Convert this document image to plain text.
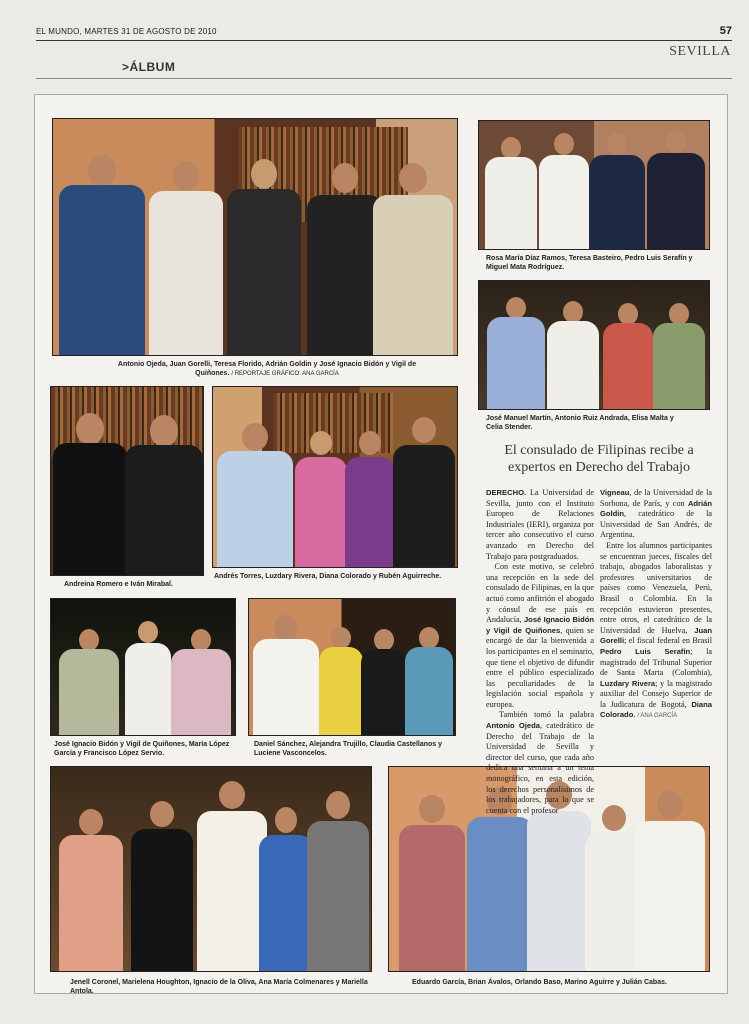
EL MUNDO, MARTES 31 DE AGOSTO DE 2010	57
SEVILLA
>ÁLBUM
Antonio Ojeda, Juan Gorelli, Teresa Florido, Adrián Goldin y José Ignacio Bidón y Vigil de Quiñones. / REPORTAJE GRÁFICO: ANA GARCÍA
Rosa María Díaz Ramos, Teresa Basteiro, Pedro Luis Serafín y Miguel Mata Rodríguez.
José Manuel Martín, Antonio Ruiz Andrada, Elisa Malta y Celia Stender.
Andreina Romero e Iván Mirabal.
Andrés Torres, Luzdary Rivera, Diana Colorado y Rubén Aguirreche.
José Ignacio Bidón y Vigil de Quiñones, María López García y Francisco López Servio.
Daniel Sánchez, Alejandra Trujillo, Claudia Castellanos y Luciene Vasconcelos.
Jenell Coronel, Marielena Houghton, Ignacio de la Oliva, Ana María Colmenares y Mariella Antola.
Eduardo García, Brian Ávalos, Orlando Baso, Marino Aguirre y Julián Cabas.
El consulado de Filipinas recibe a expertos en Derecho del Trabajo

DERECHO. La Universidad de Sevilla, junto con el Instituto Europeo de Relaciones Industriales (IERI), organiza por tercer año consecutivo el curso avanzado en Derecho del Trabajo para postgraduados.

Con este motivo, se celebró una recepción en la sede del consulado de Filipinas, en la que actuó como anfitrión el abogado y cónsul de ese país en Andalucía, José Ignacio Bidón y Vigil de Quiñones, quien se encargó de dar la bienvenida a los participantes en el seminario, que tiene el objetivo de difundir entre el público especializado las peculiaridades de la legislación social española y europea.

También tomó la palabra Antonio Ojeda, catedrático de Derecho del Trabajo de la Universidad de Sevilla y director del curso, que cada año dedica una semana a un tema monográfico, en esta edición, los derechos personalísimos de los trabajadores, para lo que se cuenta con el profesor

Vigneau, de la Universidad de la Sorbona, de París, y con Adrián Goldin, catedrático de la Universidad de San Andrés, de Argentina.

Entre los alumnos participantes se encuentran jueces, fiscales del trabajo, abogados laboralistas y profesores universitarios de países como Venezuela, Perú, Brasil o Colombia. En la recepción estuvieron presentes, entre otros, el catedrático de la Universidad de Huelva, Juan Gorelli; el fiscal federal en Brasil Pedro Luis Serafín; la magistrado del Tribunal Superior de Santa Marta (Colombia), Luzdary Rivera; y la magistrado auxiliar del Consejo Superior de la Judicatura de Bogotá, Diana Colorado. / ANA GARCÍA
